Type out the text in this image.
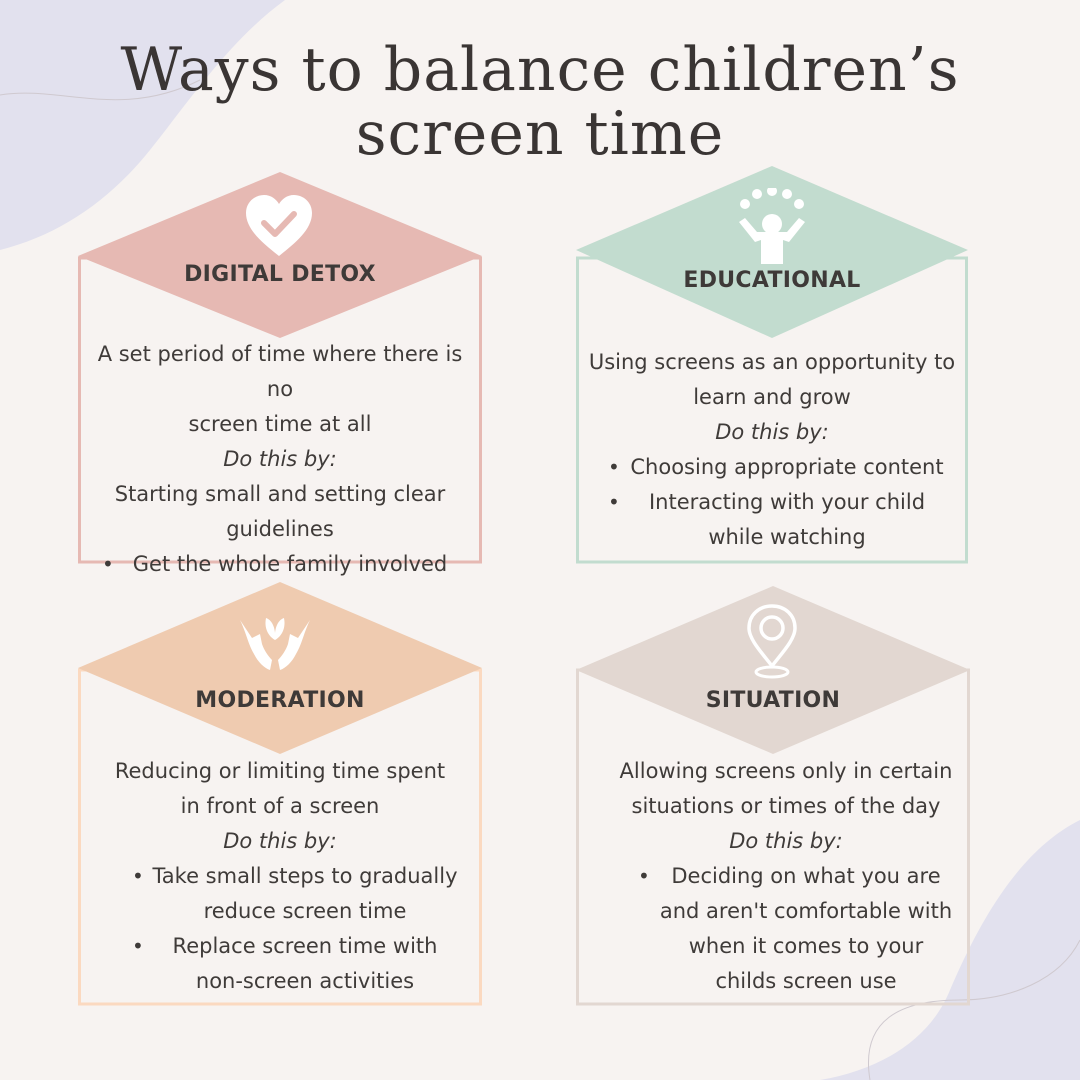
Ways to balance children’s
screen time
DIGITAL DETOX

A set period of time where there is no

screen time at all

Do this by:

Starting small and setting clear

guidelines

• Get the whole family involved
EDUCATIONAL

Using screens as an opportunity to

learn and grow

Do this by:

• Choosing appropriate content
• Interacting with your child
while watching
MODERATION

Reducing or limiting time spent

in front of a screen

Do this by:

• Take small steps to gradually
reduce screen time
• Replace screen time with
non-screen activities
SITUATION

Allowing screens only in certain

situations or times of the day

Do this by:

• Deciding on what you are
and aren't comfortable with
when it comes to your
childs screen use
